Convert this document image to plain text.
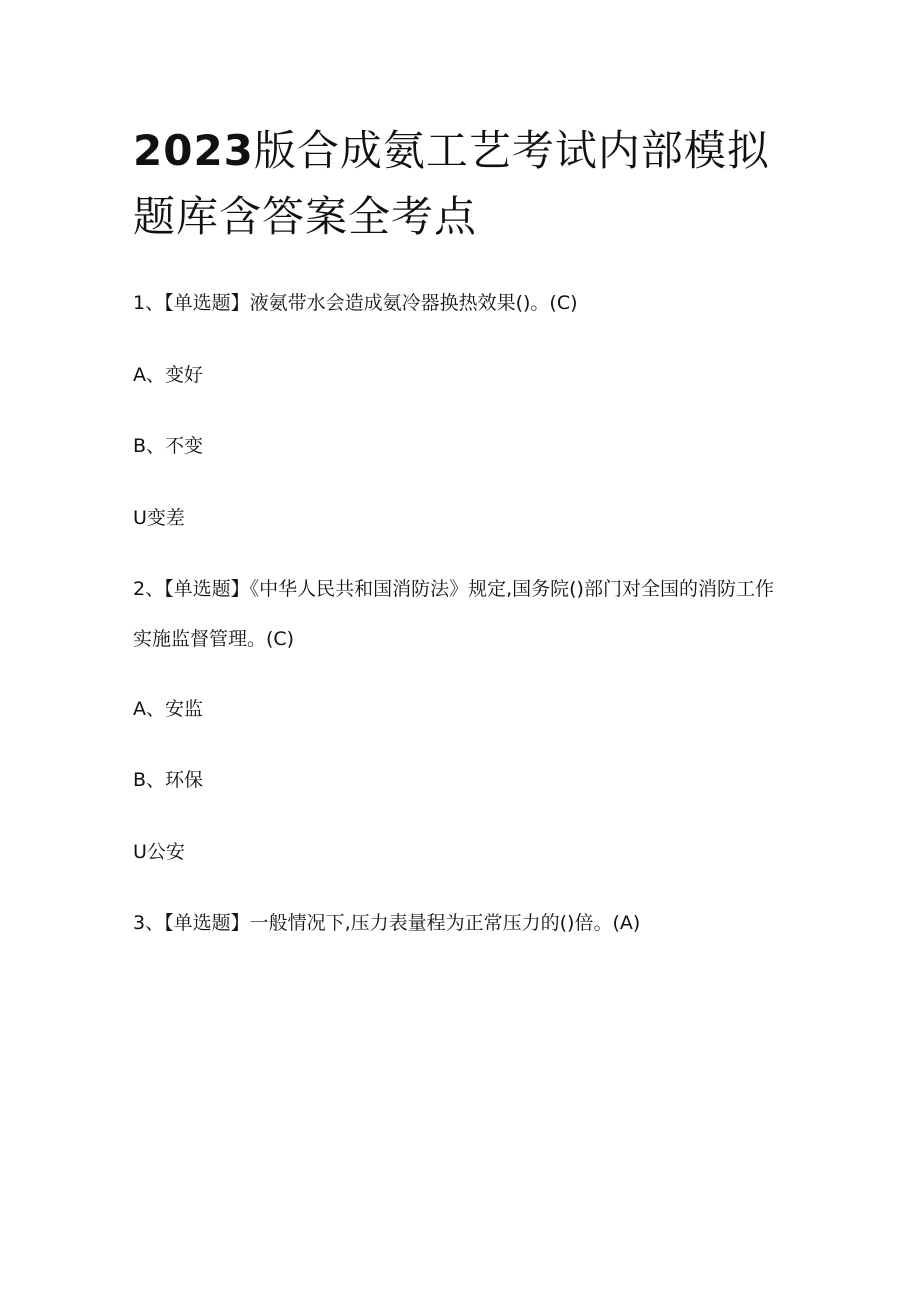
2023版合成氨工艺考试内部模拟题库含答案全考点

1、【单选题】液氨带水会造成氨冷器换热效果()。(C)

A、变好

B、不变

U变差

2、【单选题】《中华人民共和国消防法》规定,国务院()部门对全国的消防工作实施监督管理。(C)

A、安监

B、环保

U公安

3、【单选题】一般情况下,压力表量程为正常压力的()倍。(A)
